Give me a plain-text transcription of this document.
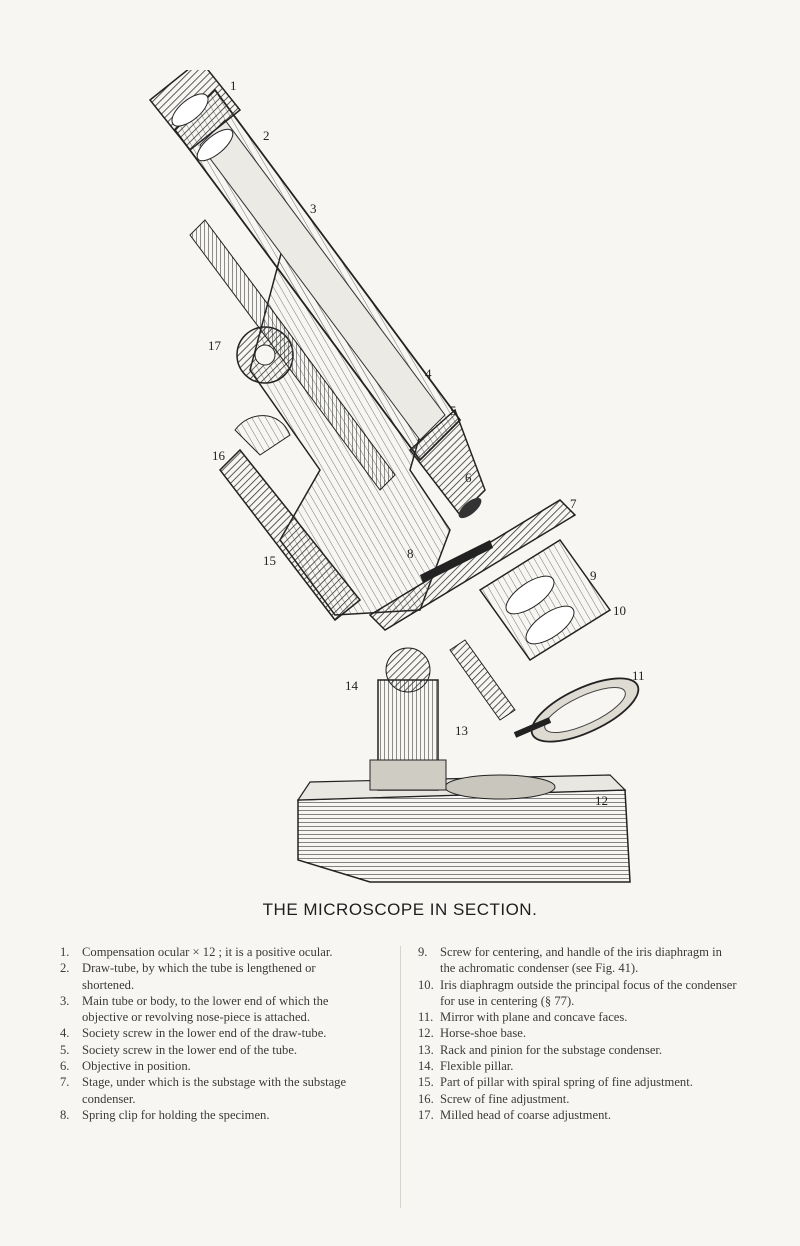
1
2
3
4
5
6
7
8
9
10
11
12
13
14
15
16
17
THE MICROSCOPE IN SECTION.
1. Compensation ocular × 12 ; it is a positive ocular.
2. Draw-tube, by which the tube is lengthened or shortened.
3. Main tube or body, to the lower end of which the objective or revolving nose-piece is attached.
4. Society screw in the lower end of the draw-tube.
5. Society screw in the lower end of the tube.
6. Objective in position.
7. Stage, under which is the substage with the substage condenser.
8. Spring clip for holding the specimen.
9. Screw for centering, and handle of the iris diaphragm in the achromatic condenser (see Fig. 41).
10. Iris diaphragm outside the principal focus of the condenser for use in centering (§ 77).
11. Mirror with plane and concave faces.
12. Horse-shoe base.
13. Rack and pinion for the substage condenser.
14. Flexible pillar.
15. Part of pillar with spiral spring of fine adjustment.
16. Screw of fine adjustment.
17. Milled head of coarse adjustment.
